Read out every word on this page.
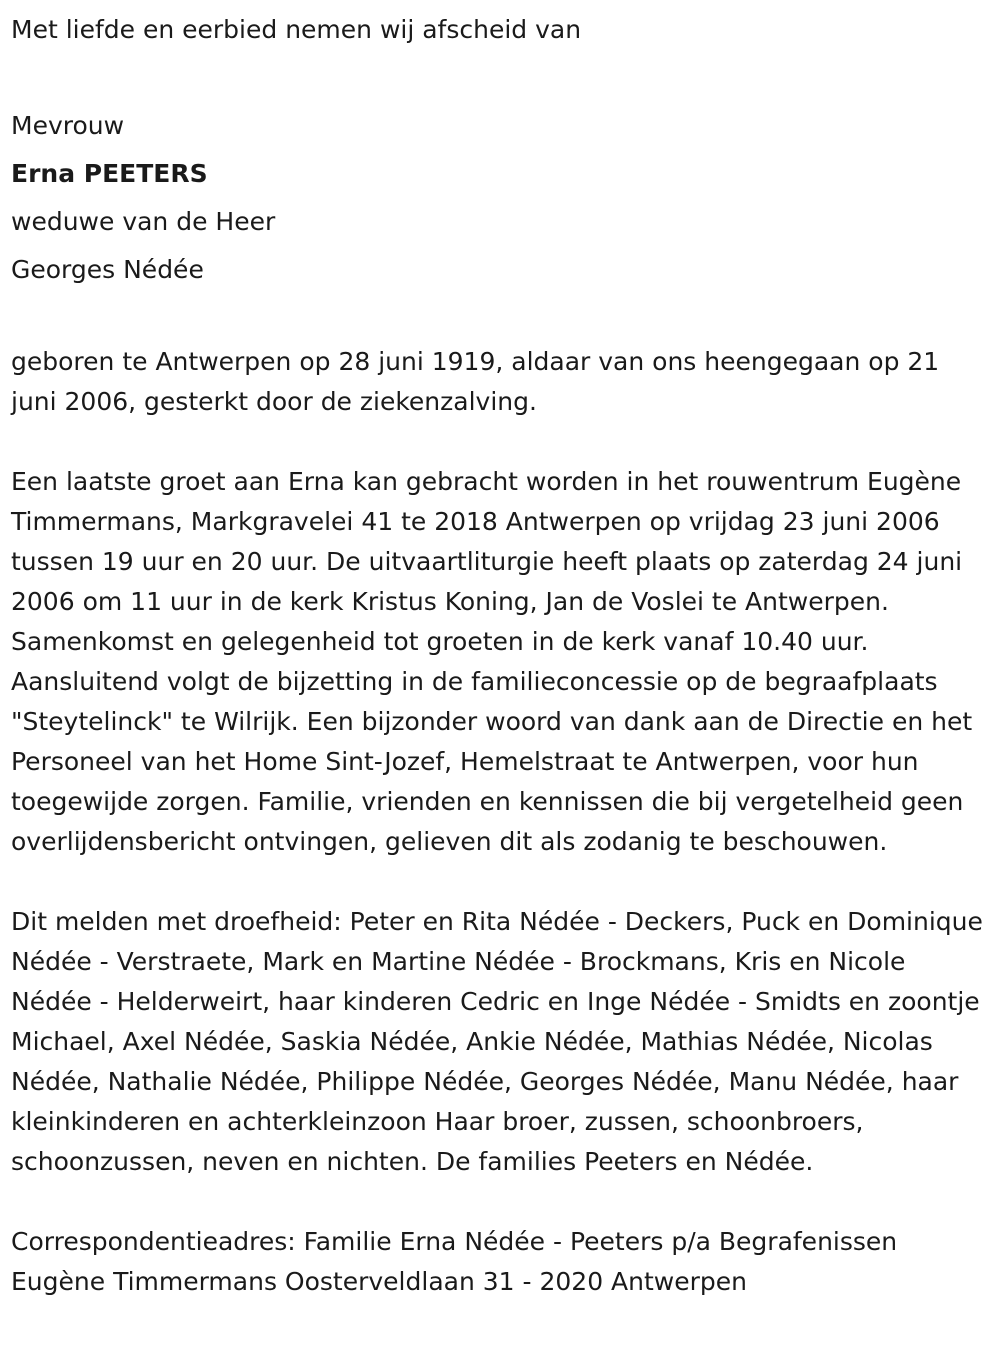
Met liefde en eerbied nemen wij afscheid van

Mevrouw

Erna PEETERS

weduwe van de Heer

Georges Nédée

geboren te Antwerpen op 28 juni 1919, aldaar van ons heengegaan op 21 juni 2006, gesterkt door de ziekenzalving.

Een laatste groet aan Erna kan gebracht worden in het rouwentrum Eugène Timmermans, Markgravelei 41 te 2018 Antwerpen op vrijdag 23 juni 2006 tussen 19 uur en 20 uur. De uitvaartliturgie heeft plaats op zaterdag 24 juni 2006 om 11 uur in de kerk Kristus Koning, Jan de Voslei te Antwerpen. Samenkomst en gelegenheid tot groeten in de kerk vanaf 10.40 uur. Aansluitend volgt de bijzetting in de familieconcessie op de begraafplaats "Steytelinck" te Wilrijk. Een bijzonder woord van dank aan de Directie en het Personeel van het Home Sint-Jozef, Hemelstraat te Antwerpen, voor hun toegewijde zorgen. Familie, vrienden en kennissen die bij vergetelheid geen overlijdensbericht ontvingen, gelieven dit als zodanig te beschouwen.

Dit melden met droefheid: Peter en Rita Nédée - Deckers, Puck en Dominique Nédée - Verstraete, Mark en Martine Nédée - Brockmans, Kris en Nicole Nédée - Helderweirt, haar kinderen Cedric en Inge Nédée - Smidts en zoontje Michael, Axel Nédée, Saskia Nédée, Ankie Nédée, Mathias Nédée, Nicolas Nédée, Nathalie Nédée, Philippe Nédée, Georges Nédée, Manu Nédée, haar kleinkinderen en achterkleinzoon Haar broer, zussen, schoonbroers, schoonzussen, neven en nichten. De families Peeters en Nédée.

Correspondentieadres: Familie Erna Nédée - Peeters p/a Begrafenissen Eugène Timmermans Oosterveldlaan 31 - 2020 Antwerpen
